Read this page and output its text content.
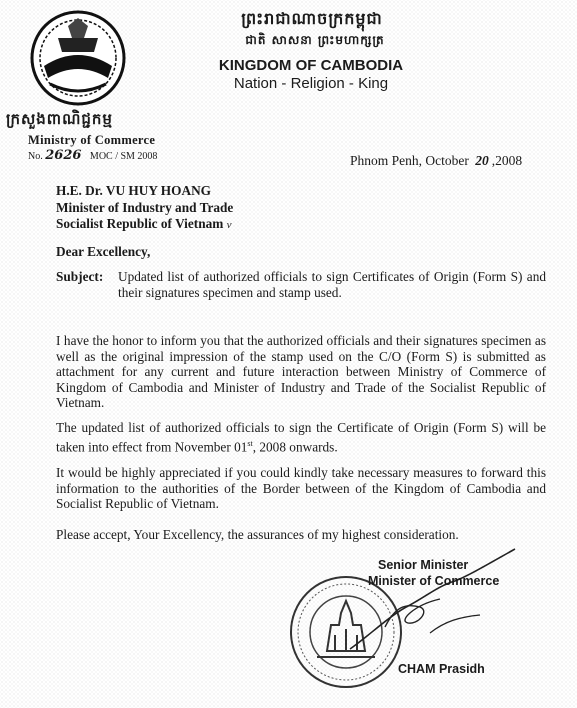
ព្រះរាជាណាចក្រកម្ពុជា
ជាតិ សាសនា ព្រះមហាក្សត្រ
KINGDOM OF CAMBODIA
Nation - Religion - King
ក្រសួងពាណិជ្ជកម្ម
Ministry of Commerce
No. 2626 MOC / SM 2008	Phnom Penh, October 20 ,2008
H.E. Dr. VU HUY HOANG
Minister of Industry and Trade
Socialist Republic of Vietnam v
Dear Excellency,
Subject: Updated list of authorized officials to sign Certificates of Origin (Form S) and their signatures specimen and stamp used.

I have the honor to inform you that the authorized officials and their signatures specimen as well as the original impression of the stamp used on the C/O (Form S) is submitted as attachment for any current and future interaction between Ministry of Commerce of Kingdom of Cambodia and Minister of Industry and Trade of the Socialist Republic of Vietnam.

The updated list of authorized officials to sign the Certificate of Origin (Form S) will be taken into effect from November 01st, 2008 onwards.

It would be highly appreciated if you could kindly take necessary measures to forward this information to the authorities of the Border between of the Kingdom of Cambodia and Socialist Republic of Vietnam.

Please accept, Your Excellency, the assurances of my highest consideration.

Senior Minister
Minister of Commerce
CHAM Prasidh
